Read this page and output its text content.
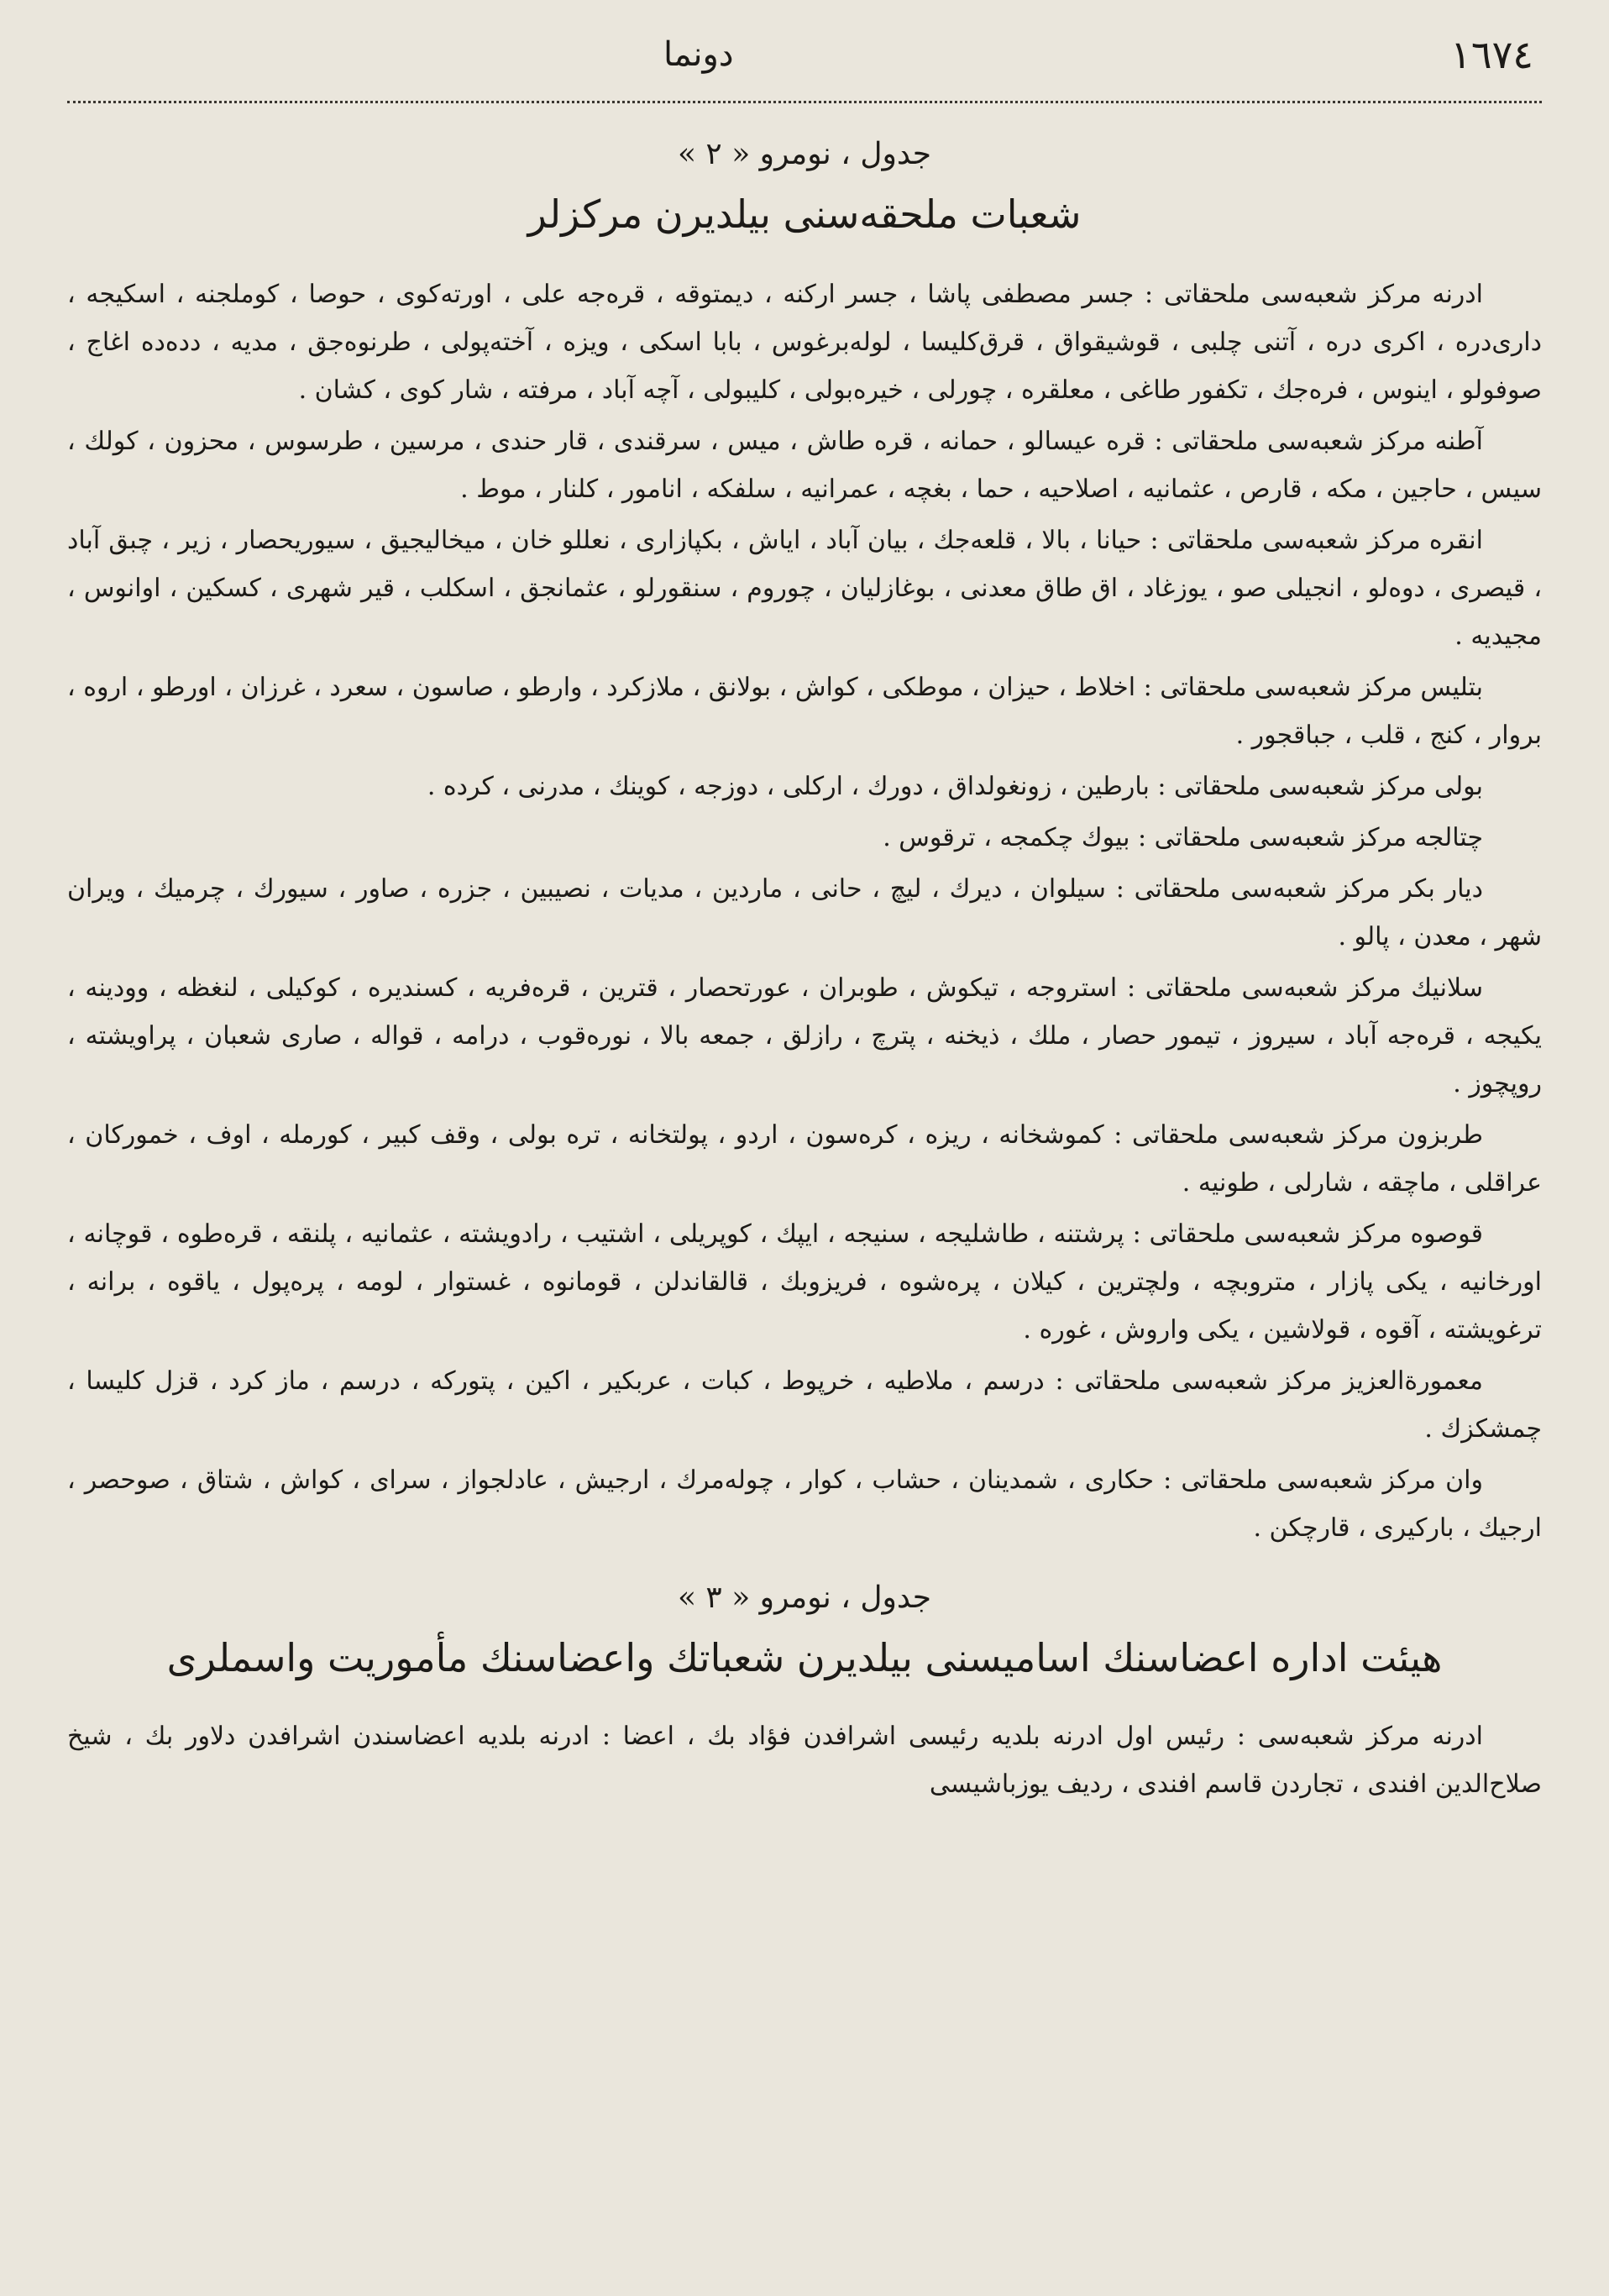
١٦٧٤
دونما
جدول ، نومرو « ٢ »
شعبات ملحقه‌سنی بیلدیرن مرکزلر

ادرنه مرکز شعبه‌سی ملحقاتی : جسر مصطفی پاشا ، جسر ارکنه ، دیمتوقه ، قره‌جه علی ، اورته‌کوی ، حوصا ، کوملجنه ، اسکیجه ، داری‌دره ، اکری دره ، آتنی چلبی ، قوشیقواق ، قرق‌کلیسا ، لوله‌برغوس ، بابا اسکی ، ویزه ، آخته‌پولی ، طرنوه‌جق ، مدیه ، دده‌ده اغاج ، صوفولو ، اینوس ، فره‌جك ، تکفور طاغی ، معلقره ، چورلی ، خیره‌بولی ، کلیبولی ، آچه آباد ، مرفته ، شار کوی ، کشان .

آطنه مرکز شعبه‌سی ملحقاتی : قره عیسالو ، حمانه ، قره طاش ، میس ، سرقندی ، قار حندی ، مرسین ، طرسوس ، محزون ، کولك ، سیس ، حاجین ، مکه ، قارص ، عثمانیه ، اصلاحیه ، حما ، بغچه ، عمرانیه ، سلفکه ، انامور ، کلنار ، موط .

انقره مرکز شعبه‌سی ملحقاتی : حیانا ، بالا ، قلعه‌جك ، بیان آباد ، ایاش ، بکپازاری ، نعللو خان ، میخالیجیق ، سیوریحصار ، زیر ، چبق آباد ، قیصری ، دوه‌لو ، انجیلی صو ، یوزغاد ، اق طاق معدنی ، بوغازلیان ، چوروم ، سنقورلو ، عثمانجق ، اسکلب ، قیر شهری ، کسکین ، اوانوس ، مجیدیه .

بتلیس مرکز شعبه‌سی ملحقاتی : اخلاط ، حیزان ، موطکی ، کواش ، بولانق ، ملازکرد ، وارطو ، صاسون ، سعرد ، غرزان ، اورطو ، اروه ، بروار ، کنج ، قلب ، جباقجور .

بولی مرکز شعبه‌سی ملحقاتی : بارطین ، زونغولداق ، دورك ، ارکلی ، دوزجه ، کوینك ، مدرنی ، کرده .

چتالجه مرکز شعبه‌سی ملحقاتی : بیوك چکمجه ، ترقوس .

دیار بکر مرکز شعبه‌سی ملحقاتی : سیلوان ، دیرك ، لیچ ، حانی ، ماردین ، مدیات ، نصیبین ، جزره ، صاور ، سیورك ، چرمیك ، ویران شهر ، معدن ، پالو .

سلانیك مرکز شعبه‌سی ملحقاتی : استروجه ، تیکوش ، طوبران ، عورتحصار ، قترین ، قره‌فریه ، کسندیره ، کوکیلی ، لنغظه ، وودینه ، یکیجه ، قره‌جه آباد ، سیروز ، تیمور حصار ، ملك ، ذیخنه ، پترچ ، رازلق ، جمعه بالا ، نوره‌قوب ، درامه ، قواله ، صاری شعبان ، پراویشته ، روپچوز .

طربزون مرکز شعبه‌سی ملحقاتی : کموشخانه ، ریزه ، کره‌سون ، اردو ، پولتخانه ، تره بولی ، وقف کبیر ، کورمله ، اوف ، خمورکان ، عراقلی ، ماچقه ، شارلی ، طونیه .

قوصوه مرکز شعبه‌سی ملحقاتی : پرشتنه ، طاشلیجه ، سنیجه ، ایپك ، کوپریلی ، اشتیب ، رادویشته ، عثمانیه ، پلنقه ، قره‌طوه ، قوچانه ، اورخانیه ، یکی پازار ، متروبچه ، ولچترین ، کیلان ، پره‌شوه ، فریزوبك ، قالقاندلن ، قومانوه ، غستوار ، لومه ، پره‌پول ، یاقوه ، برانه ، ترغویشته ، آقوه ، قولاشین ، یکی واروش ، غوره .

معمورة‌العزیز مرکز شعبه‌سی ملحقاتی : درسم ، ملاطیه ، خرپوط ، کبات ، عربکیر ، اکین ، پتورکه ، درسم ، ماز کرد ، قزل کلیسا ، چمشکزك .

وان مرکز شعبه‌سی ملحقاتی : حکاری ، شمدینان ، حشاب ، کوار ، چوله‌مرك ، ارجیش ، عادلجواز ، سرای ، کواش ، شتاق ، صوحصر ، ارجیك ، بارکیری ، قارچکن .

جدول ، نومرو « ٣ »
هیئت اداره اعضاسنك اسامیسنی بیلدیرن شعباتك واعضاسنك مأموریت واسملری

ادرنه مرکز شعبه‌سی : رئیس اول ادرنه بلدیه رئیسی اشرافدن فؤاد بك ، اعضا : ادرنه بلدیه اعضاسندن اشرافدن دلاور بك ، شیخ صلاح‌الدین افندی ، تجاردن قاسم افندی ، ردیف یوزباشیسی
